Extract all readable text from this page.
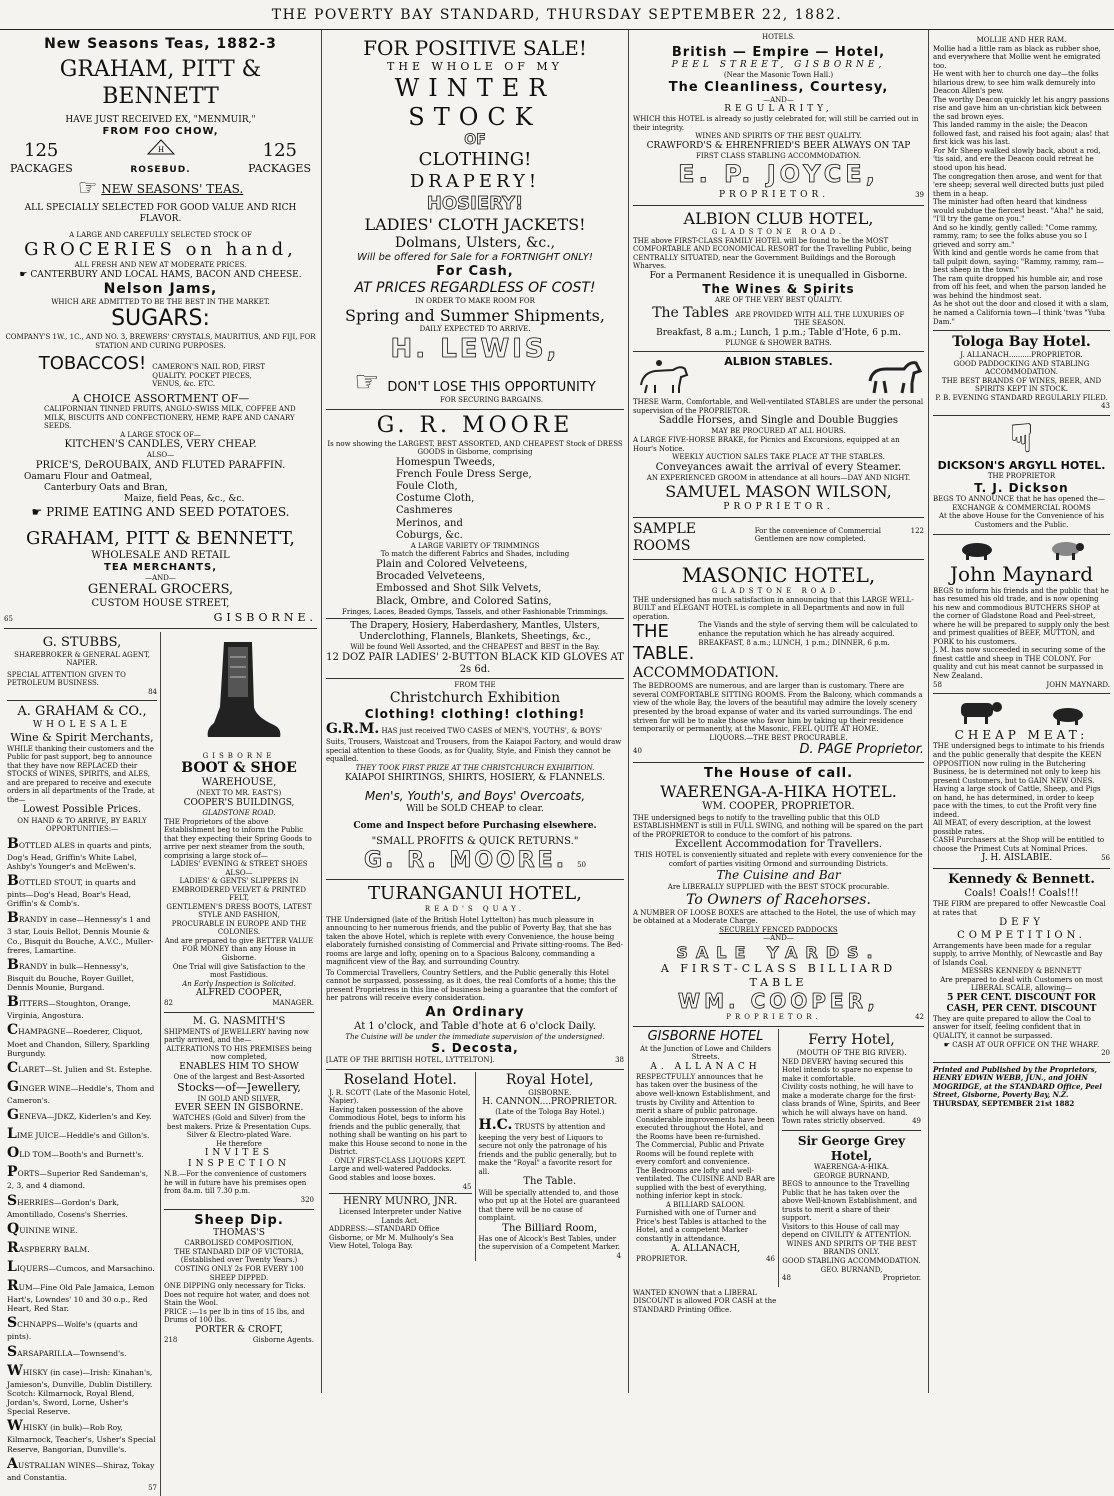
THE POVERTY BAY STANDARD, THURSDAY SEPTEMBER 22, 1882.
New Seasons Teas, 1882-3
GRAHAM, PITT & BENNETT
HAVE JUST RECEIVED EX, "MENMUIR,"
FROM FOO CHOW,
125	H	125
PACKAGES	ROSEBUD.	PACKAGES
☞ NEW SEASONS' TEAS.
ALL SPECIALLY SELECTED FOR GOOD VALUE AND RICH FLAVOR.
A LARGE AND CAREFULLY SELECTED STOCK OF
GROCERIES on hand,
ALL FRESH AND NEW AT MODERATE PRICES.
☛ CANTERBURY AND LOCAL HAMS, BACON AND CHEESE.
Nelson Jams,
WHICH ARE ADMITTED TO BE THE BEST IN THE MARKET.
SUGARS:
COMPANY'S 1W., 1C., AND NO. 3, BREWERS' CRYSTALS, MAURITIUS, AND FIJI, FOR STATION AND CURING PURPOSES.
TOBACCOS! CAMERON'S NAIL ROD, FIRST QUALITY. POCKET PIECES, VENUS, &c. ETC.
A CHOICE ASSORTMENT OF—
CALIFORNIAN TINNED FRUITS, ANGLO-SWISS MILK, COFFEE AND MILK, BISCUITS AND CONFECTIONERY, HEMP, RAPE AND CANARY SEEDS.
A LARGE STOCK OF—
KITCHEN'S CANDLES, VERY CHEAP.
ALSO—
PRICE'S, DeROUBAIX, AND FLUTED PARAFFIN.
Oamaru Flour and Oatmeal,
Canterbury Oats and Bran,
Maize, field Peas, &c., &c.
☛ PRIME EATING AND SEED POTATOES.
GRAHAM, PITT & BENNETT,
WHOLESALE AND RETAIL
TEA MERCHANTS,
—AND—
GENERAL GROCERS,
CUSTOM HOUSE STREET,
65	GISBORNE.
G. STUBBS,
SHAREBROKER & GENERAL AGENT, NAPIER.
SPECIAL ATTENTION GIVEN TO PETROLEUM BUSINESS.
84
A. GRAHAM & CO.,
WHOLESALE
Wine & Spirit Merchants,
WHILE thanking their customers and the Public for past support, beg to announce that they have now REPLACED their STOCKS of WINES, SPIRITS, and ALES, and are prepared to receive and execute orders in all departments of the Trade, at the—
Lowest Possible Prices.
ON HAND & TO ARRIVE, BY EARLY OPPORTUNITIES:—
BOTTLED ALES in quarts and pints, Dog's Head, Griffin's White Label, Ashby's Younger's and McEwen's.
BOTTLED STOUT, in quarts and pints—Dog's Head, Boar's Head, Griffin's & Comb's.
BRANDY in case—Hennessy's 1 and 3 star, Louis Bellot, Dennis Mounie & Co., Bisquit du Bouche, A.V.C., Muller-freres, Lamartine.
BRANDY in bulk—Hennessy's, Bisquit du Bouche, Royer Guillet, Dennis Mounie, Burgand.
BITTERS—Stoughton, Orange, Virginia, Angostura.
CHAMPAGNE—Roederer, Cliquot, Moet and Chandon, Sillery, Sparkling Burgundy.
CLARET—St. Julien and St. Estephe.
GINGER WINE—Heddle's, Thom and Cameron's.
GENEVA—JDKZ, Kiderlen's and Key.
LIME JUICE—Heddle's and Gillon's.
OLD TOM—Booth's and Burnett's.
PORTS—Superior Red Sandeman's, 2, 3, and 4 diamond.
SHERRIES—Gordon's Dark, Amontillado, Cosens's Sherries.
QUININE WINE.
RASPBERRY BALM.
LIQUERS—Cumcos, and Marsachino.
RUM—Fine Old Pale Jamaica, Lemon Hart's, Lowndes' 10 and 30 o.p., Red Heart, Red Star.
SCHNAPPS—Wolfe's (quarts and pints).
SARSAPARILLA—Townsend's.
WHISKY (in case)—Irish: Kinahan's, Jamieson's, Dunville, Dublin Distillery. Scotch: Kilmarnock, Royal Blend, Jordan's, Sword, Lorne, Usher's Special Reserve.
WHISKY (in bulk)—Rob Roy, Kilmarnock, Teacher's, Usher's Special Reserve, Bangorian, Dunville's.
AUSTRALIAN WINES—Shiraz, Tokay and Constantia.
57
GISBORNE
BOOT & SHOE
WAREHOUSE,
(NEXT TO MR. EAST'S)
COOPER'S BUILDINGS,
GLADSTONE ROAD.
THE Proprietors of the above Establishment beg to inform the Public that they expecting their Spring Goods to arrive per next steamer from the south, comprising a large stock of—
LADIES' EVENING & STREET SHOES
ALSO—
LADIES' & GENTS' SLIPPERS IN EMBROIDERED VELVET & PRINTED FELT,
GENTLEMEN'S DRESS BOOTS, LATEST STYLE AND FASHION,
PROCURABLE IN EUROPE AND THE COLONIES.
And are prepared to give BETTER VALUE FOR MONEY than any House in Gisborne.
One Trial will give Satisfaction to the most Fastidious.
An Early Inspection is Solicited.
ALFRED COOPER,
82	MANAGER.
M. G. NASMITH'S
SHIPMENTS of JEWELLERY having now partly arrived, and the—
ALTERATIONS TO HIS PREMISES being now completed,
ENABLES HIM TO SHOW
One of the largest and Best-Assorted
Stocks—of—Jewellery,
IN GOLD AND SILVER,
EVER SEEN IN GISBORNE.
WATCHES (Gold and Silver) from the best makers. Prize & Presentation Cups. Silver & Electro-plated Ware.
He therefore
INVITES INSPECTION
N.B.—For the convenience of customers he will in future have his premises open from 8a.m. till 7.30 p.m.
320
Sheep Dip.
THOMAS'S
CARBOLISED COMPOSITION,
THE STANDARD DIP OF VICTORIA,
(Established over Twenty Years.)
COSTING ONLY 2s FOR EVERY 100 SHEEP DIPPED.
ONE DIPPING only necessary for Ticks. Does not require hot water, and does not Stain the Wool.
PRICE :—1s per lb in tins of 15 lbs, and Drums of 100 lbs.
PORTER & CROFT,
218	Gisborne Agents.
FOR POSITIVE SALE!
THE WHOLE OF MY
WINTER STOCK
OF
CLOTHING!
DRAPERY!
HOSIERY!
LADIES' CLOTH JACKETS!
Dolmans, Ulsters, &c.,
Will be offered for Sale for a FORTNIGHT ONLY!
For Cash,
AT PRICES REGARDLESS OF COST!
IN ORDER TO MAKE ROOM FOR
Spring and Summer Shipments,
DAILY EXPECTED TO ARRIVE.
H. LEWIS,
☞ DON'T LOSE THIS OPPORTUNITY
FOR SECURING BARGAINS.
G. R. MOORE
Is now showing the LARGEST, BEST ASSORTED, AND CHEAPEST Stock of DRESS GOODS in Gisborne, comprising
Homespun Tweeds,
French Foule Dress Serge,
Foule Cloth,
Costume Cloth,
Cashmeres
Merinos, and
Coburgs, &c.
A LARGE VARIETY OF TRIMMINGS
To match the different Fabrics and Shades, including
Plain and Colored Velveteens,
Brocaded Velveteens,
Embossed and Shot Silk Velvets,
Black, Ombre, and Colored Satins,
Fringes, Laces, Beaded Gymps, Tassels, and other Fashionable Trimmings.
The Drapery, Hosiery, Haberdashery, Mantles, Ulsters, Underclothing, Flannels, Blankets, Sheetings, &c.,
Will be found Well Assorted, and the CHEAPEST and BEST in the Bay.
12 DOZ PAIR LADIES' 2-BUTTON BLACK KID GLOVES AT 2s 6d.
FROM THE
Christchurch Exhibition
Clothing! clothing! clothing!
G.R.M. HAS just received TWO CASES of MEN'S, YOUTHS', & BOYS' Suits, Trousers, Waistcoat and Trousers, from the Kaiapoi Factory, and would draw special attention to these Goods, as for Quality, Style, and Finish they cannot be equalled.
THEY TOOK FIRST PRIZE AT THE CHRISTCHURCH EXHIBITION.
KAIAPOI SHIRTINGS, SHIRTS, HOSIERY, & FLANNELS.
Men's, Youth's, and Boys' Overcoats,
Will be SOLD CHEAP to clear.
Come and Inspect before Purchasing elsewhere.
"SMALL PROFITS & QUICK RETURNS."
G. R. MOORE. 50
TURANGANUI HOTEL,
READ'S QUAY.

THE Undersigned (late of the British Hotel Lyttelton) has much pleasure in announcing to her numerous friends, and the public of Poverty Bay, that she has taken the above Hotel, which is replete with every Convenience, the house being elaborately furnished consisting of Commercial and Private sitting-rooms. The Bed-rooms are large and lofty, opening on to a Spacious Balcony, commanding a magnificent view of the Bay, and surrounding Country.

To Commercial Travellers, Country Settlers, and the Public generally this Hotel cannot be surpassed, possessing, as it does, the real Comforts of a home; this the present Proprietress in this line of business being a guarantee that the comfort of her patrons will receive every consideration.

An Ordinary
At 1 o'clock, and Table d'hote at 6 o'clock Daily.
The Cuisine will be under the immediate supervision of the undersigned.
S. Decosta,
[LATE OF THE BRITISH HOTEL, LYTTELTON].	38
Roseland Hotel.
J. R. SCOTT (Late of the Masonic Hotel, Napier).
Having taken possession of the above Commodious Hotel, begs to inform his friends and the public generally, that nothing shall be wanting on his part to make this House second to none in the District.
ONLY FIRST-CLASS LIQUORS KEPT.
Large and well-watered Paddocks. Good stables and loose boxes.
45
HENRY MUNRO, JNR.
Licensed Interpreter under Native Lands Act.
ADDRESS:—STANDARD Office Gisborne, or Mr M. Mulhooly's Sea View Hotel, Tologa Bay.
Royal Hotel,
GISBORNE.
H. CANNON....PROPRIETOR.
(Late of the Tologa Bay Hotel.)
H.C. TRUSTS by attention and keeping the very best of Liquors to secure not only the patronage of his friends and the public generally, but to make the "Royal" a favorite resort for all.
The Table.
Will be specially attended to, and those who put up at the Hotel are guaranteed that there will be no cause of complaint.
The Billiard Room,
Has one of Alcock's Best Tables, under the supervision of a Competent Marker.
4
HOTELS.
British — Empire — Hotel,
PEEL STREET, GISBORNE,
(Near the Masonic Town Hall.)
The Cleanliness, Courtesy,
—AND—
REGULARITY,
WHICH this HOTEL is already so justly celebrated for, will still be carried out in their integrity.
WINES AND SPIRITS OF THE BEST QUALITY.
CRAWFORD'S & EHRENFRIED'S BEER ALWAYS ON TAP
FIRST CLASS STABLING ACCOMMODATION.
E. P. JOYCE,
PROPRIETOR.	39
ALBION CLUB HOTEL,
GLADSTONE ROAD.
THE above FIRST-CLASS FAMILY HOTEL will be found to be the MOST COMFORTABLE AND ECONOMICAL RESORT for the Travelling Public, being CENTRALLY SITUATED, near the Government Buildings and the Borough Wharves.
For a Permanent Residence it is unequalled in Gisborne.
The Wines & Spirits
ARE OF THE VERY BEST QUALITY.
The Tables ARE PROVIDED WITH ALL THE LUXURIES OF THE SEASON.
Breakfast, 8 a.m.; Lunch, 1 p.m.; Table d'Hote, 6 p.m.
PLUNGE & SHOWER BATHS.
ALBION STABLES.
THESE Warm, Comfortable, and Well-ventilated STABLES are under the personal supervision of the PROPRIETOR.
Saddle Horses, and Single and Double Buggies
MAY BE PROCURED AT ALL HOURS.
A LARGE FIVE-HORSE BRAKE, for Picnics and Excursions, equipped at an Hour's Notice.
WEEKLY AUCTION SALES TAKE PLACE AT THE STABLES.
Conveyances await the arrival of every Steamer.
AN EXPERIENCED GROOM in attendance at all hours—DAY AND NIGHT.
SAMUEL MASON WILSON,
PROPRIETOR.
SAMPLE ROOMS
For the convenience of Commercial Gentlemen are now completed.
122
MASONIC HOTEL,
GLADSTONE ROAD.
THE undersigned has much satisfaction in announcing that this LARGE WELL-BUILT and ELEGANT HOTEL is complete in all Departments and now in full operation.
THE TABLE.
The Viands and the style of serving them will be calculated to enhance the reputation which he has already acquired. BREAKFAST, 8 a.m.; LUNCH, 1 p.m.; DINNER, 6 p.m.
ACCOMMODATION.
The BEDROOMS are numerous, and are larger than is customary. There are several COMFORTABLE SITTING ROOMS. From the Balcony, which commands a view of the whole Bay, the lovers of the beautiful may admire the lovely scenery presented by the broad expanse of water and its varied surroundings. The end striven for will be to make those who favor him by taking up their residence temporarily or permanently, at the Masonic, FEEL QUITE AT HOME.
LIQUORS.—THE BEST PROCURABLE.
40	D. PAGE Proprietor.
The House of call.
WAERENGA-A-HIKA HOTEL.
WM. COOPER, PROPRIETOR.
THE undersigned begs to notify to the travelling public that this OLD ESTABLISHMENT is still in FULL SWING, and nothing will be spared on the part of the PROPRIETOR to conduce to the comfort of his patrons.
Excellent Accommodation for Travellers.
THIS HOTEL is conveniently situated and replete with every convenience for the comfort of parties visiting Ormond and surrounding Districts.
The Cuisine and Bar
Are LIBERALLY SUPPLIED with the BEST STOCK procurable.
To Owners of Racehorses.
A NUMBER OF LOOSE BOXES are attached to the Hotel, the use of which may be obtained at a Moderate Charge.
SECURELY FENCED PADDOCKS
—AND—
SALE YARDS.
A FIRST-CLASS BILLIARD TABLE
WM. COOPER,
PROPRIETOR.	42
GISBORNE HOTEL
At the Junction of Lowe and Childers Streets.
A. ALLANACH
RESPECTFULLY announces that he has taken over the business of the above well-known Establishment, and trusts by Civility and Attention to merit a share of public patronage.
Considerable improvements have been executed throughout the Hotel, and the Rooms have been re-furnished.
The Commercial, Public and Private Rooms will be found replete with every comfort and convenience.
The Bedrooms are lofty and well-ventilated. The CUISINE AND BAR are supplied with the best of everything, nothing inferior kept in stock.
A BILLIARD SALOON.
Furnished with one of Turner and Price's best Tables is attached to the Hotel, and a competent Marker constantly in attendance.
A. ALLANACH,
PROPRIETOR.	46
Ferry Hotel,
(MOUTH OF THE BIG RIVER).
NED DEVERY having secured this Hotel intends to spare no expense to make it comfortable.
Civility costs nothing, he will have to make a moderate charge for the first-class brands of Wine, Spirits, and Beer which he will always have on hand.
Town rates strictly observed.	49
Sir George Grey Hotel,
WAERENGA-A-HIKA.
GEORGE BURNAND,
BEGS to announce to the Travelling Public that he has taken over the above Well-known Establishment, and trusts to merit a share of their support.
Visitors to this House of call may depend on CIVILITY & ATTENTION.
WINES AND SPIRITS OF THE BEST BRANDS ONLY.
GOOD STABLING ACCOMMODATION.
GEO. BURNAND,
48	Proprietor.
WANTED KNOWN that a LIBERAL DISCOUNT is allowed FOR CASH at the STANDARD Printing Office.
MOLLIE AND HER RAM.
Mollie had a little ram as black as rubber shoe, and everywhere that Mollie went he emigrated too.
He went with her to church one day—the folks hilarious drew, to see him walk demurely into Deacon Allen's pew.
The worthy Deacon quickly let his angry passions rise and gave him an un-christian kick between the sad brown eyes.
This landed rammy in the aisle; the Deacon followed fast, and raised his foot again; alas! that first kick was his last.
For Mr Sheep walked slowly back, about a rod, 'tis said, and ere the Deacon could retreat he stood upon his head.
The congregation then arose, and went for that 'ere sheep; several well directed butts just piled them in a heap.
The minister had often heard that kindness would subdue the fiercest beast. "Aha!" he said, "I'll try the game on you."
And so he kindly, gently called: "Come rammy, rammy, ram; to see the folks abuse you so I grieved and sorry am."
With kind and gentle words he came from that tall pulpit down, saying: "Rammy, rammy, ram—best sheep in the town."
The ram quite dropped his humble air, and rose from off his feet, and when the parson landed he was behind the hindmost seat.
As he shot out the door and closed it with a slam, he named a California town—I think 'twas "Yuba Dam."
Tologa Bay Hotel.
J. ALLANACH..........PROPRIETOR.
GOOD PADDOCKING AND STABLING ACCOMMODATION.
THE BEST BRANDS OF WINES, BEER, AND SPIRITS KEPT IN STOCK.
P. B. EVENING STANDARD REGULARLY FILED.
43
☟
DICKSON'S ARGYLL HOTEL.
THE PROPRIETOR
T. J. Dickson
BEGS TO ANNOUNCE that he has opened the—
EXCHANGE & COMMERCIAL ROOMS
At the above House for the Convenience of his Customers and the Public.
John Maynard
BEGS to inform his friends and the public that he has resumed his old trade, and is now opening his new and commodious BUTCHERS SHOP at the corner of Gladstone Road and Peel-street, where he will be prepared to supply only the best and primest qualities of BEEF, MUTTON, and PORK to his customers.
J. M. has now succeeded in securing some of the finest cattle and sheep in THE COLONY. For quality and cut his meat cannot be surpassed in New Zealand.
58	JOHN MAYNARD.
CHEAP MEAT:
THE undersigned begs to intimate to his friends and the public generally that despite the KEEN OPPOSITION now ruling in the Butchering Business, he is determined not only to keep his present Customers, but to GAIN NEW ONES.
Having a large stock of Cattle, Sheep, and Pigs on hand, he has determined, in order to keep pace with the times, to cut the Profit very fine indeed.
All MEAT, of every description, at the lowest possible rates.
CASH Purchasers at the Shop will be entitled to choose the Primest Cuts at Nominal Prices.
J. H. AISLABIE.	56
Kennedy & Bennett.
Coals! Coals!! Coals!!!
THE FIRM are prepared to offer Newcastle Coal at rates that
DEFY COMPETITION.
Arrangements have been made for a regular supply, to arrive Monthly, of Newcastle and Bay of Islands Coal.
MESSRS KENNEDY & BENNETT
Are prepared to deal with Customers on most LIBERAL SCALE, allowing—
5 PER CENT. DISCOUNT FOR CASH, PER CENT. DISCOUNT
They are quite prepared to allow the Coal to answer for itself, feeling confident that in QUALITY, it cannot be surpassed.
☛ CASH AT OUR OFFICE ON THE WHARF.
20
Printed and Published by the Proprietors, HENRY EDWIN WEBB, JUN., and JOHN MOGRIDGE, at the STANDARD Office, Peel Street, Gisborne, Poverty Bay, N.Z.
THURSDAY, SEPTEMBER 21st 1882
